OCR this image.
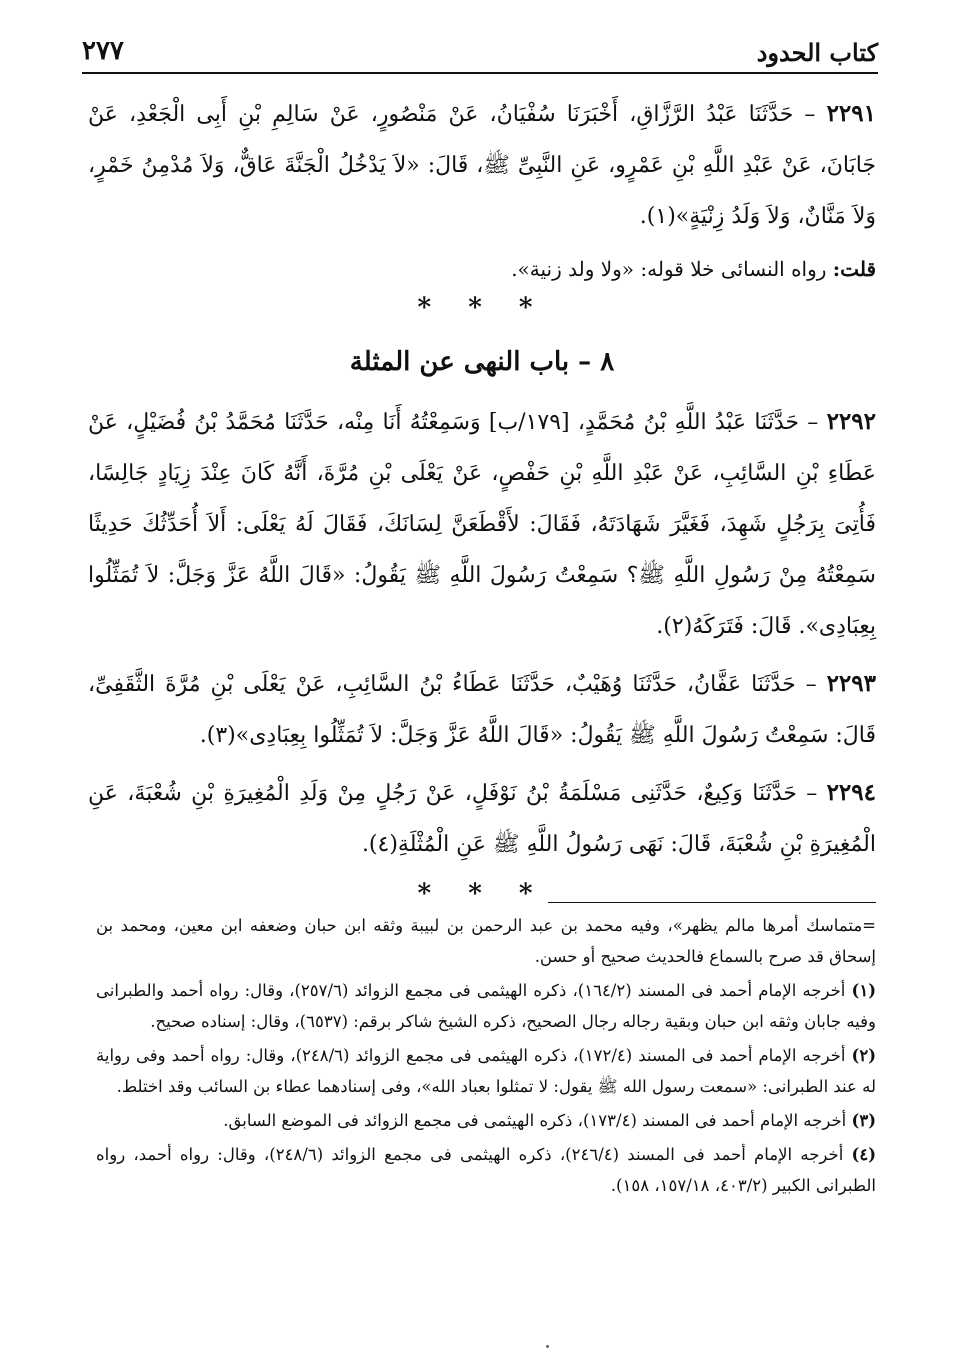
كتاب الحدود
٢٧٧

٢٢٩١ – حَدَّثَنَا عَبْدُ الرَّزَّاقِ، أَخْبَرَنَا سُفْيَانُ، عَنْ مَنْصُورٍ، عَنْ سَالِمِ بْنِ أَبِى الْجَعْدِ، عَنْ جَابَانَ، عَنْ عَبْدِ اللَّهِ بْنِ عَمْرٍو، عَنِ النَّبِىِّ ﷺ، قَالَ: «لاَ يَدْخُلُ الْجَنَّةَ عَاقٌّ، وَلاَ مُدْمِنُ خَمْرٍ، وَلاَ مَنَّانٌ، وَلاَ وَلَدُ زِنْيَةٍ»(١).

قلت: رواه النسائى خلا قوله: «ولا ولد زنية».

* * *
٨ – باب النهى عن المثلة

٢٢٩٢ – حَدَّثَنَا عَبْدُ اللَّهِ بْنُ مُحَمَّدٍ، [١٧٩/ب] وَسَمِعْتُهُ أَنَا مِنْه، حَدَّثَنَا مُحَمَّدُ بْنُ فُضَيْلٍ، عَنْ عَطَاءِ بْنِ السَّائِبِ، عَنْ عَبْدِ اللَّهِ بْنِ حَفْصٍ، عَنْ يَعْلَى بْنِ مُرَّةَ، أَنَّهُ كَانَ عِنْدَ زِيَادٍ جَالِسًا، فَأُتِىَ بِرَجُلٍ شَهِدَ، فَغَيَّرَ شَهَادَتَهُ، فَقَالَ: لأَقْطَعَنَّ لِسَانَكَ، فَقَالَ لَهُ يَعْلَى: أَلاَ أُحَدِّثُكَ حَدِيثًا سَمِعْتُهُ مِنْ رَسُولِ اللَّهِ ﷺ؟ سَمِعْتُ رَسُولَ اللَّهِ ﷺ يَقُولُ: «قَالَ اللَّهُ عَزَّ وَجَلَّ: لاَ تُمَثِّلُوا بِعِبَادِى». قَالَ: فَتَرَكَهُ(٢).

٢٢٩٣ – حَدَّثَنَا عَفَّانُ، حَدَّثَنَا وُهَيْبٌ، حَدَّثَنَا عَطَاءُ بْنُ السَّائِبِ، عَنْ يَعْلَى بْنِ مُرَّةَ الثَّقَفِىِّ، قَالَ: سَمِعْتُ رَسُولَ اللَّهِ ﷺ يَقُولُ: «قَالَ اللَّهُ عَزَّ وَجَلَّ: لاَ تُمَثِّلُوا بِعِبَادِى»(٣).

٢٢٩٤ – حَدَّثَنَا وَكِيعٌ، حَدَّثَنِى مَسْلَمَةُ بْنُ نَوْفَلٍ، عَنْ رَجُلٍ مِنْ وَلَدِ الْمُغِيرَةِ بْنِ شُعْبَةَ، عَنِ الْمُغِيرَةِ بْنِ شُعْبَةَ، قَالَ: نَهَى رَسُولُ اللَّهِ ﷺ عَنِ الْمُثْلَةِ(٤).

* * *

=متماسك أمرها مالم يظهر»، وفيه محمد بن عبد الرحمن بن لبيبة وثقه ابن حبان وضعفه ابن معين، ومحمد بن إسحاق قد صرح بالسماع فالحديث صحيح أو حسن.

(١) أخرجه الإمام أحمد فى المسند (١٦٤/٢)، ذكره الهيثمى فى مجمع الزوائد (٢٥٧/٦)، وقال: رواه أحمد والطبرانى وفيه جابان وثقه ابن حبان وبقية رجاله رجال الصحيح، ذكره الشيخ شاكر برقم: (٦٥٣٧)، وقال: إسناده صحيح.

(٢) أخرجه الإمام أحمد فى المسند (١٧٢/٤)، ذكره الهيثمى فى مجمع الزوائد (٢٤٨/٦)، وقال: رواه أحمد وفى رواية له عند الطبرانى: «سمعت رسول الله ﷺ يقول: لا تمثلوا بعباد الله»، وفى إسنادهما عطاء بن السائب وقد اختلط.

(٣) أخرجه الإمام أحمد فى المسند (١٧٣/٤)، ذكره الهيثمى فى مجمع الزوائد فى الموضع السابق.

(٤) أخرجه الإمام أحمد فى المسند (٢٤٦/٤)، ذكره الهيثمى فى مجمع الزوائد (٢٤٨/٦)، وقال: رواه أحمد، رواه الطبرانى الكبير (٤٠٣/٢، ١٥٧/١٨، ١٥٨).
